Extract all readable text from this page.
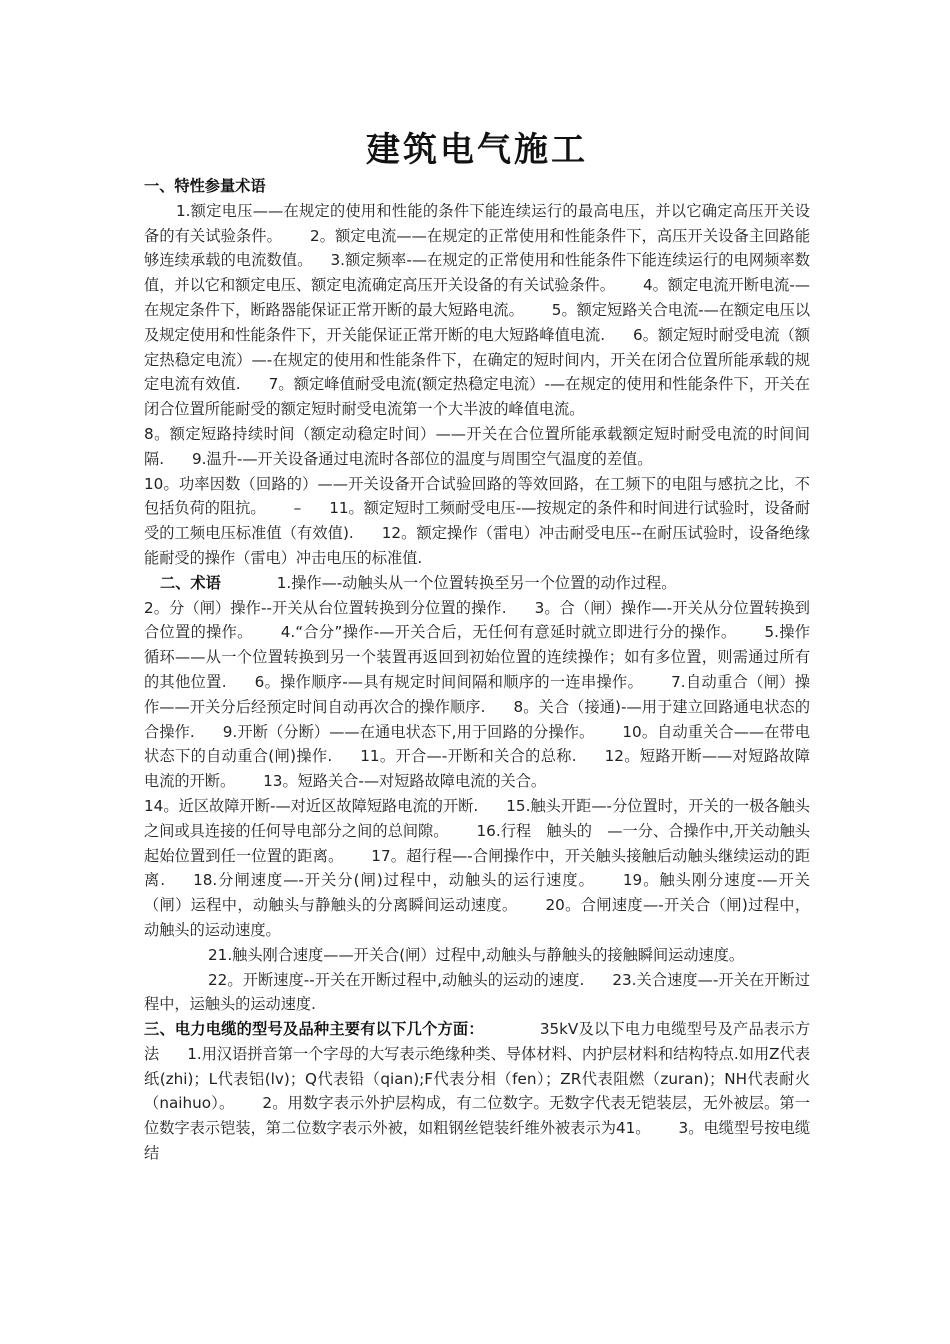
建筑电气施工

一、特性参量术语

1.额定电压——在规定的使用和性能的条件下能连续运行的最高电压，并以它确定高压开关设备的有关试验条件。 2。额定电流——在规定的正常使用和性能条件下，高压开关设备主回路能够连续承载的电流数值。 3.额定频率-—在规定的正常使用和性能条件下能连续运行的电网频率数值，并以它和额定电压、额定电流确定高压开关设备的有关试验条件。 4。额定电流开断电流-—在规定条件下，断路器能保证正常开断的最大短路电流。 5。额定短路关合电流-—在额定电压以及规定使用和性能条件下，开关能保证正常开断的电大短路峰值电流. 6。额定短时耐受电流（额定热稳定电流）—-在规定的使用和性能条件下，在确定的短时间内，开关在闭合位置所能承载的规定电流有效值. 7。额定峰值耐受电流(额定热稳定电流）-—在规定的使用和性能条件下，开关在闭合位置所能耐受的额定短时耐受电流第一个大半波的峰值电流。

8。额定短路持续时间（额定动稳定时间）——开关在合位置所能承载额定短时耐受电流的时间间隔. 9.温升-—开关设备通过电流时各部位的温度与周围空气温度的差值。

10。功率因数（回路的）——开关设备开合试验回路的等效回路，在工频下的电阻与感抗之比，不包括负荷的阻抗。 – 11。额定短时工频耐受电压-—按规定的条件和时间进行试验时，设备耐受的工频电压标准值（有效值). 12。额定操作（雷电）冲击耐受电压--在耐压试验时，设备绝缘能耐受的操作（雷电）冲击电压的标准值.

二、术语	1.操作—-动触头从一个位置转换至另一个位置的动作过程。

2。分（闸）操作--开关从台位置转换到分位置的操作. 3。合（闸）操作—-开关从分位置转换到合位置的操作。 4.“合分”操作-—开关合后，无任何有意延时就立即进行分的操作。 5.操作循环——从一个位置转换到另一个装置再返回到初始位置的连续操作；如有多位置，则需通过所有的其他位置. 6。操作顺序-—具有规定时间间隔和顺序的一连串操作。 7.自动重合（闸）操作——开关分后经预定时间自动再次合的操作顺序. 8。关合（接通)-—用于建立回路通电状态的合操作. 9.开断（分断）——在通电状态下,用于回路的分操作。 10。自动重关合——在带电状态下的自动重合(闸)操作. 11。开合—-开断和关合的总称. 12。短路开断——对短路故障电流的开断。 13。短路关合-—对短路故障电流的关合。

14。近区故障开断-—对近区故障短路电流的开断. 15.触头开距—-分位置时，开关的一极各触头之间或具连接的任何导电部分之间的总间隙。 16.行程　触头的　—一分、合操作中,开关动触头起始位置到任一位置的距离。 17。超行程—-合闸操作中，开关触头接触后动触头继续运动的距离. 18.分闸速度—-开关分(闸)过程中，动触头的运行速度。 19。触头刚分速度-—开关（闸）运程中，动触头与静触头的分离瞬间运动速度。 20。合闸速度—-开关合（闸)过程中，动触头的运动速度。

21.触头刚合速度——开关合(闸）过程中,动触头与静触头的接触瞬间运动速度。

22。开断速度--开关在开断过程中,动触头的运动的速度. 23.关合速度—-开关在开断过程中，运触头的运动速度.

三、电力电缆的型号及品种主要有以下几个方面：	35kV及以下电力电缆型号及产品表示方法 1.用汉语拼音第一个字母的大写表示绝缘种类、导体材料、内护层材料和结构特点.如用Z代表纸(zhi)；L代表铝(lv)；Q代表铅（qian);F代表分相（fen）；ZR代表阻燃（zuran)；NH代表耐火（naihuo）。 2。用数字表示外护层构成，有二位数字。无数字代表无铠装层，无外被层。第一位数字表示铠装，第二位数字表示外被，如粗钢丝铠装纤维外被表示为41。 3。电缆型号按电缆结
